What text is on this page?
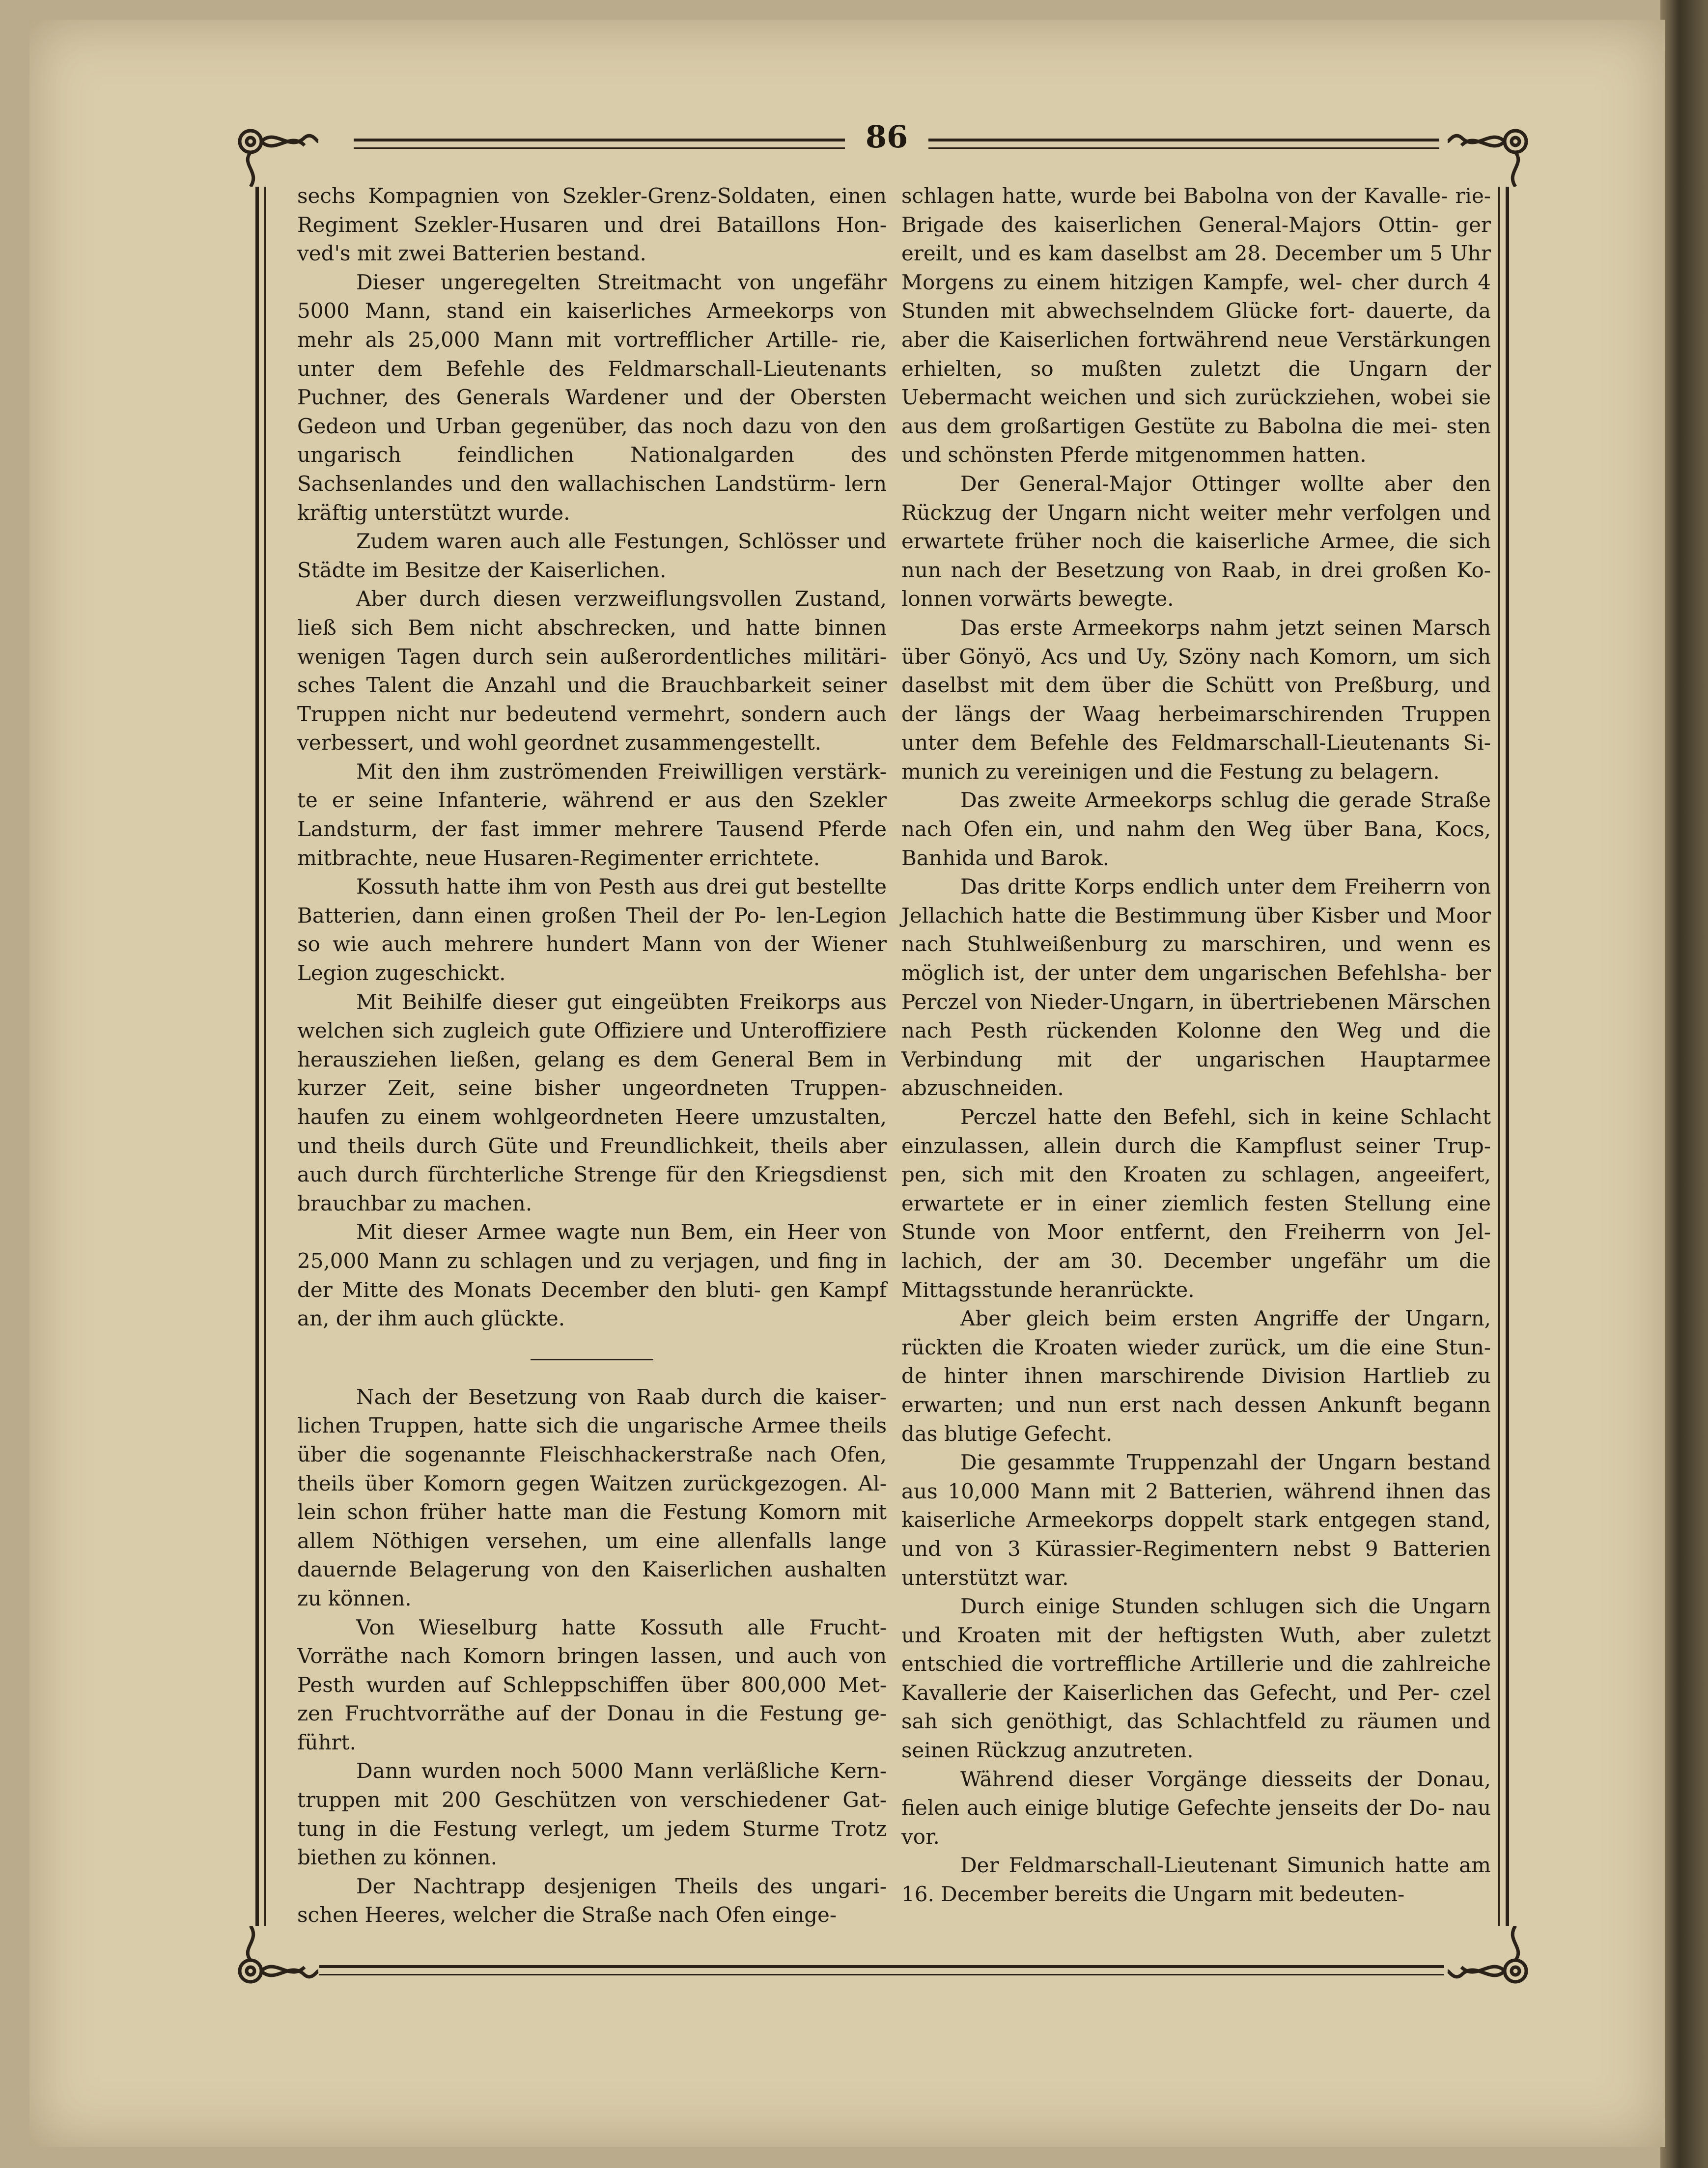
86

sechs Kompagnien von Szekler-Grenz-Soldaten, einen Regiment Szekler-Husaren und drei Bataillons Hon- ved's mit zwei Batterien bestand.

Dieser ungeregelten Streitmacht von ungefähr 5000 Mann, stand ein kaiserliches Armeekorps von mehr als 25,000 Mann mit vortrefflicher Artille- rie, unter dem Befehle des Feldmarschall-Lieutenants Puchner, des Generals Wardener und der Obersten Gedeon und Urban gegenüber, das noch dazu von den ungarisch feindlichen Nationalgarden des Sachsenlandes und den wallachischen Landstürm- lern kräftig unterstützt wurde.

Zudem waren auch alle Festungen, Schlösser und Städte im Besitze der Kaiserlichen.

Aber durch diesen verzweiflungsvollen Zustand, ließ sich Bem nicht abschrecken, und hatte binnen wenigen Tagen durch sein außerordentliches militäri- sches Talent die Anzahl und die Brauchbarkeit seiner Truppen nicht nur bedeutend vermehrt, sondern auch verbessert, und wohl geordnet zusammengestellt.

Mit den ihm zuströmenden Freiwilligen verstärk- te er seine Infanterie, während er aus den Szekler Landsturm, der fast immer mehrere Tausend Pferde mitbrachte, neue Husaren-Regimenter errichtete.

Kossuth hatte ihm von Pesth aus drei gut bestellte Batterien, dann einen großen Theil der Po- len-Legion so wie auch mehrere hundert Mann von der Wiener Legion zugeschickt.

Mit Beihilfe dieser gut eingeübten Freikorps aus welchen sich zugleich gute Offiziere und Unteroffiziere herausziehen ließen, gelang es dem General Bem in kurzer Zeit, seine bisher ungeordneten Truppen- haufen zu einem wohlgeordneten Heere umzustalten, und theils durch Güte und Freundlichkeit, theils aber auch durch fürchterliche Strenge für den Kriegsdienst brauchbar zu machen.

Mit dieser Armee wagte nun Bem, ein Heer von 25,000 Mann zu schlagen und zu verjagen, und fing in der Mitte des Monats December den bluti- gen Kampf an, der ihm auch glückte.

Nach der Besetzung von Raab durch die kaiser- lichen Truppen, hatte sich die ungarische Armee theils über die sogenannte Fleischhackerstraße nach Ofen, theils über Komorn gegen Waitzen zurückgezogen. Al- lein schon früher hatte man die Festung Komorn mit allem Nöthigen versehen, um eine allenfalls lange dauernde Belagerung von den Kaiserlichen aushalten zu können.

Von Wieselburg hatte Kossuth alle Frucht- Vorräthe nach Komorn bringen lassen, und auch von Pesth wurden auf Schleppschiffen über 800,000 Met- zen Fruchtvorräthe auf der Donau in die Festung ge- führt.

Dann wurden noch 5000 Mann verläßliche Kern- truppen mit 200 Geschützen von verschiedener Gat- tung in die Festung verlegt, um jedem Sturme Trotz biethen zu können.

Der Nachtrapp desjenigen Theils des ungari- schen Heeres, welcher die Straße nach Ofen einge-

schlagen hatte, wurde bei Babolna von der Kavalle- rie-Brigade des kaiserlichen General-Majors Ottin- ger ereilt, und es kam daselbst am 28. December um 5 Uhr Morgens zu einem hitzigen Kampfe, wel- cher durch 4 Stunden mit abwechselndem Glücke fort- dauerte, da aber die Kaiserlichen fortwährend neue Verstärkungen erhielten, so mußten zuletzt die Ungarn der Uebermacht weichen und sich zurückziehen, wobei sie aus dem großartigen Gestüte zu Babolna die mei- sten und schönsten Pferde mitgenommen hatten.

Der General-Major Ottinger wollte aber den Rückzug der Ungarn nicht weiter mehr verfolgen und erwartete früher noch die kaiserliche Armee, die sich nun nach der Besetzung von Raab, in drei großen Ko- lonnen vorwärts bewegte.

Das erste Armeekorps nahm jetzt seinen Marsch über Gönyö, Acs und Uy, Szöny nach Komorn, um sich daselbst mit dem über die Schütt von Preßburg, und der längs der Waag herbeimarschirenden Truppen unter dem Befehle des Feldmarschall-Lieutenants Si- munich zu vereinigen und die Festung zu belagern.

Das zweite Armeekorps schlug die gerade Straße nach Ofen ein, und nahm den Weg über Bana, Kocs, Banhida und Barok.

Das dritte Korps endlich unter dem Freiherrn von Jellachich hatte die Bestimmung über Kisber und Moor nach Stuhlweißenburg zu marschiren, und wenn es möglich ist, der unter dem ungarischen Befehlsha- ber Perczel von Nieder-Ungarn, in übertriebenen Märschen nach Pesth rückenden Kolonne den Weg und die Verbindung mit der ungarischen Hauptarmee abzuschneiden.

Perczel hatte den Befehl, sich in keine Schlacht einzulassen, allein durch die Kampflust seiner Trup- pen, sich mit den Kroaten zu schlagen, angeeifert, erwartete er in einer ziemlich festen Stellung eine Stunde von Moor entfernt, den Freiherrn von Jel- lachich, der am 30. December ungefähr um die Mittagsstunde heranrückte.

Aber gleich beim ersten Angriffe der Ungarn, rückten die Kroaten wieder zurück, um die eine Stun- de hinter ihnen marschirende Division Hartlieb zu erwarten; und nun erst nach dessen Ankunft begann das blutige Gefecht.

Die gesammte Truppenzahl der Ungarn bestand aus 10,000 Mann mit 2 Batterien, während ihnen das kaiserliche Armeekorps doppelt stark entgegen stand, und von 3 Kürassier-Regimentern nebst 9 Batterien unterstützt war.

Durch einige Stunden schlugen sich die Ungarn und Kroaten mit der heftigsten Wuth, aber zuletzt entschied die vortreffliche Artillerie und die zahlreiche Kavallerie der Kaiserlichen das Gefecht, und Per- czel sah sich genöthigt, das Schlachtfeld zu räumen und seinen Rückzug anzutreten.

Während dieser Vorgänge diesseits der Donau, fielen auch einige blutige Gefechte jenseits der Do- nau vor.

Der Feldmarschall-Lieutenant Simunich hatte am 16. December bereits die Ungarn mit bedeuten-
